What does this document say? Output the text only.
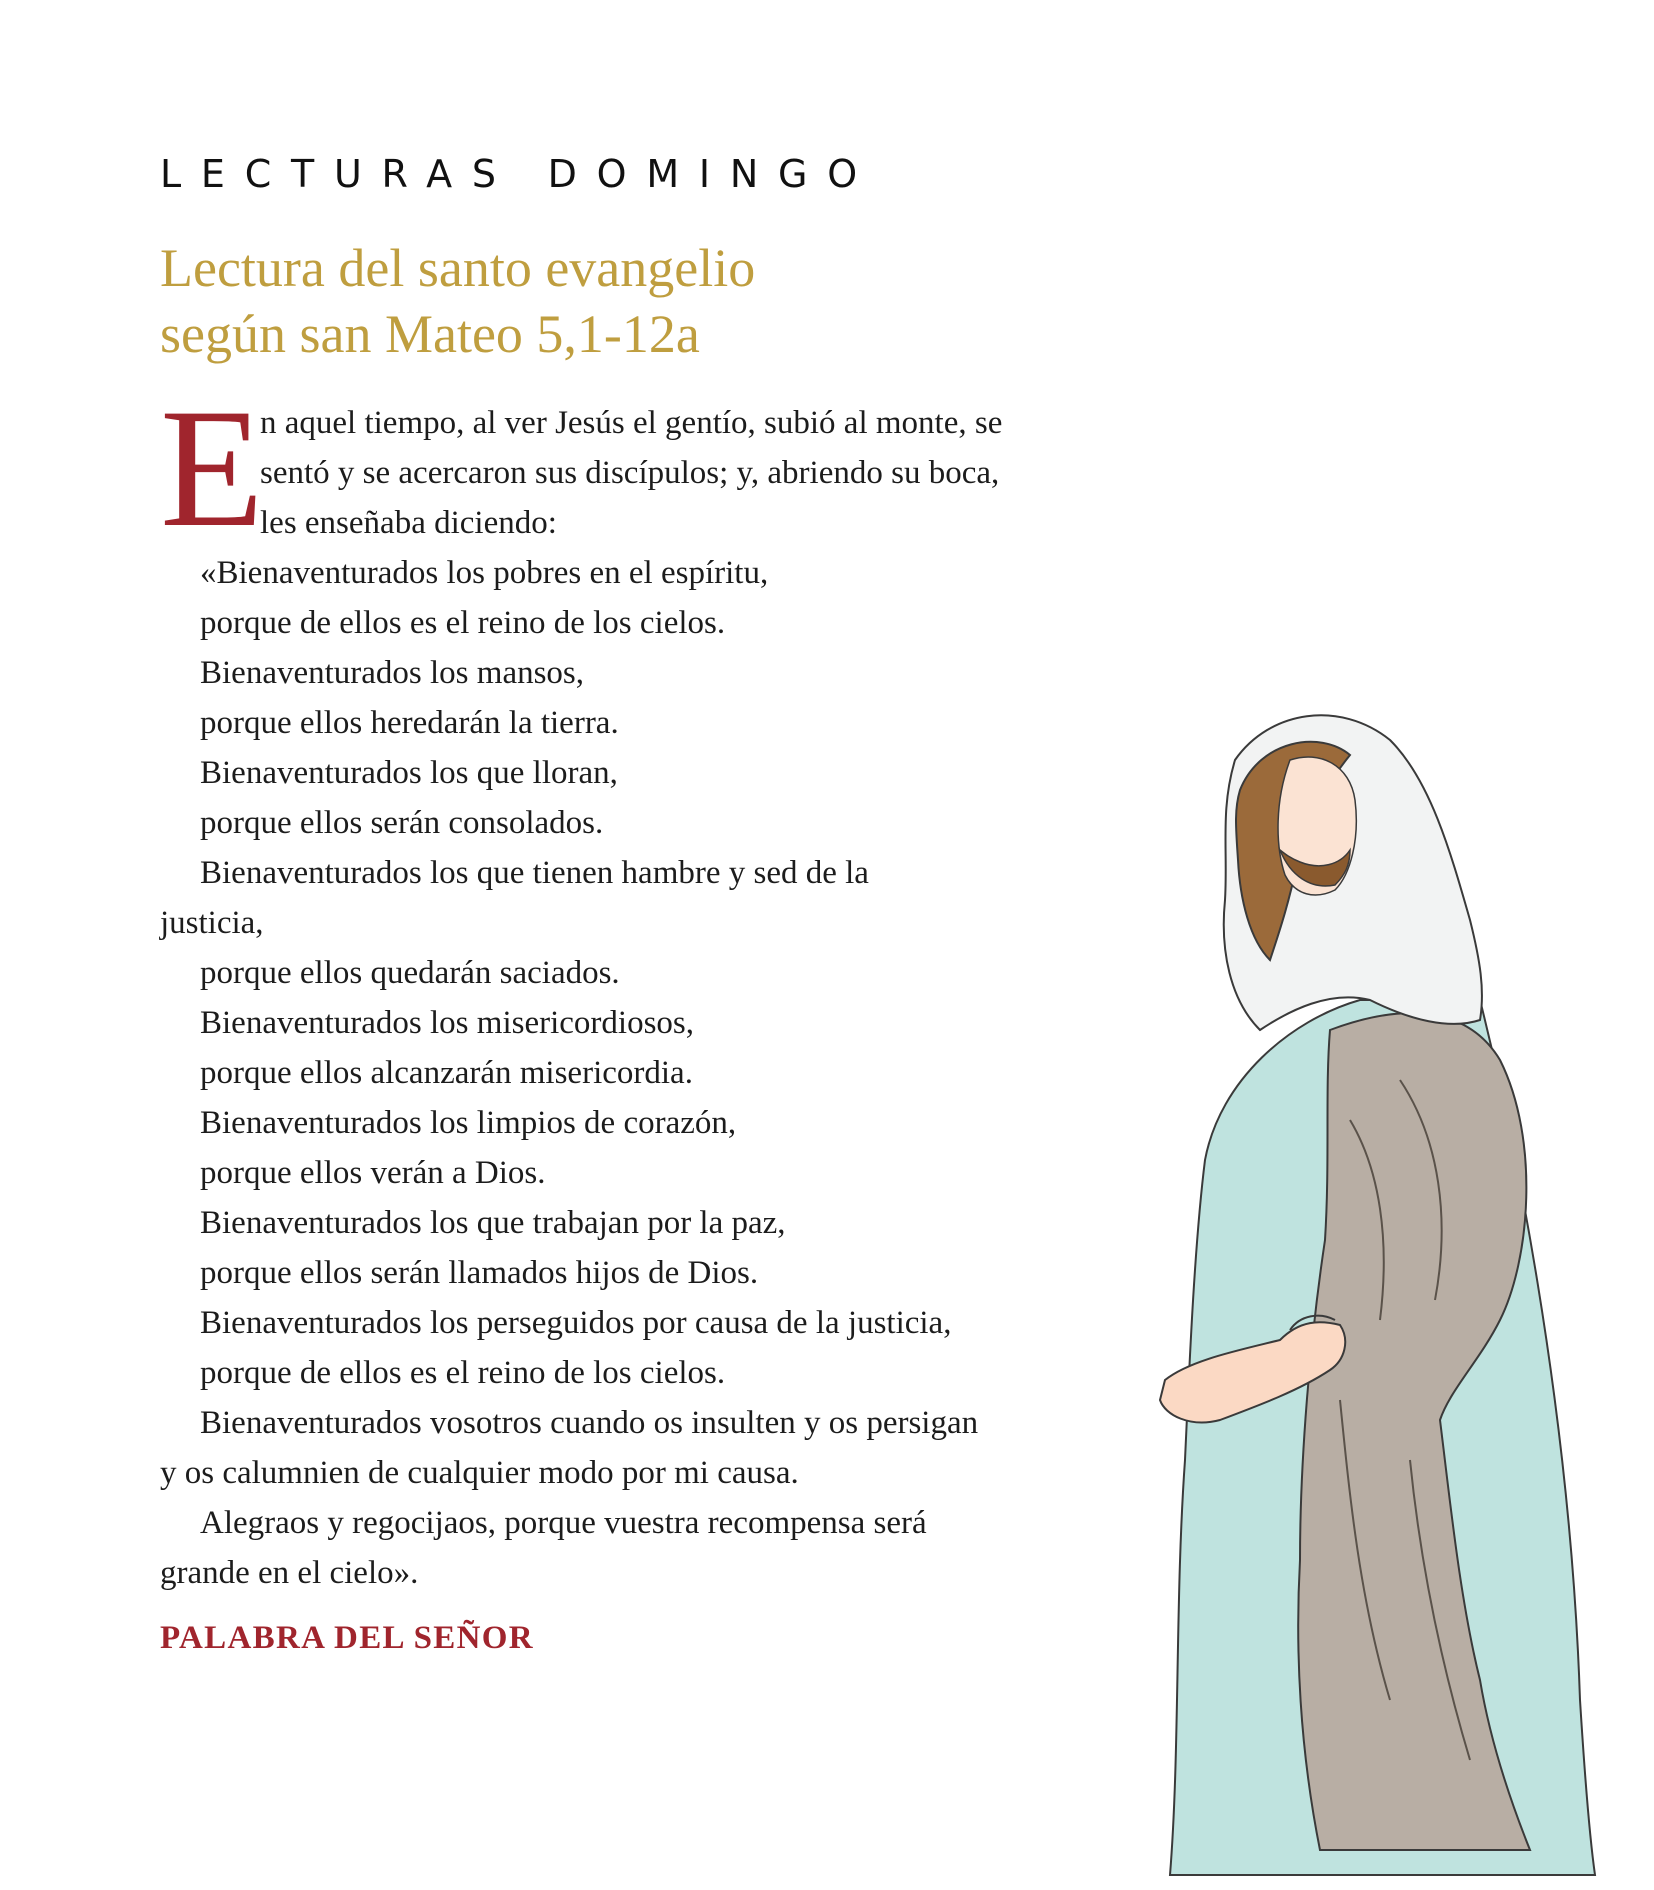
LECTURAS DOMINGO
Lectura del santo evangelio
según san Mateo 5,1-12a
E
n aquel tiempo, al ver Jesús el gentío, subió al monte, se
sentó y se acercaron sus discípulos; y, abriendo su boca,
les enseñaba diciendo:
«Bienaventurados los pobres en el espíritu,
porque de ellos es el reino de los cielos.
Bienaventurados los mansos,
porque ellos heredarán la tierra.
Bienaventurados los que lloran,
porque ellos serán consolados.
Bienaventurados los que tienen hambre y sed de la
justicia,
porque ellos quedarán saciados.
Bienaventurados los misericordiosos,
porque ellos alcanzarán misericordia.
Bienaventurados los limpios de corazón,
porque ellos verán a Dios.
Bienaventurados los que trabajan por la paz,
porque ellos serán llamados hijos de Dios.
Bienaventurados los perseguidos por causa de la justicia,
porque de ellos es el reino de los cielos.
Bienaventurados vosotros cuando os insulten y os persigan
y os calumnien de cualquier modo por mi causa.
Alegraos y regocijaos, porque vuestra recompensa será
grande en el cielo».
PALABRA DEL SEÑOR
